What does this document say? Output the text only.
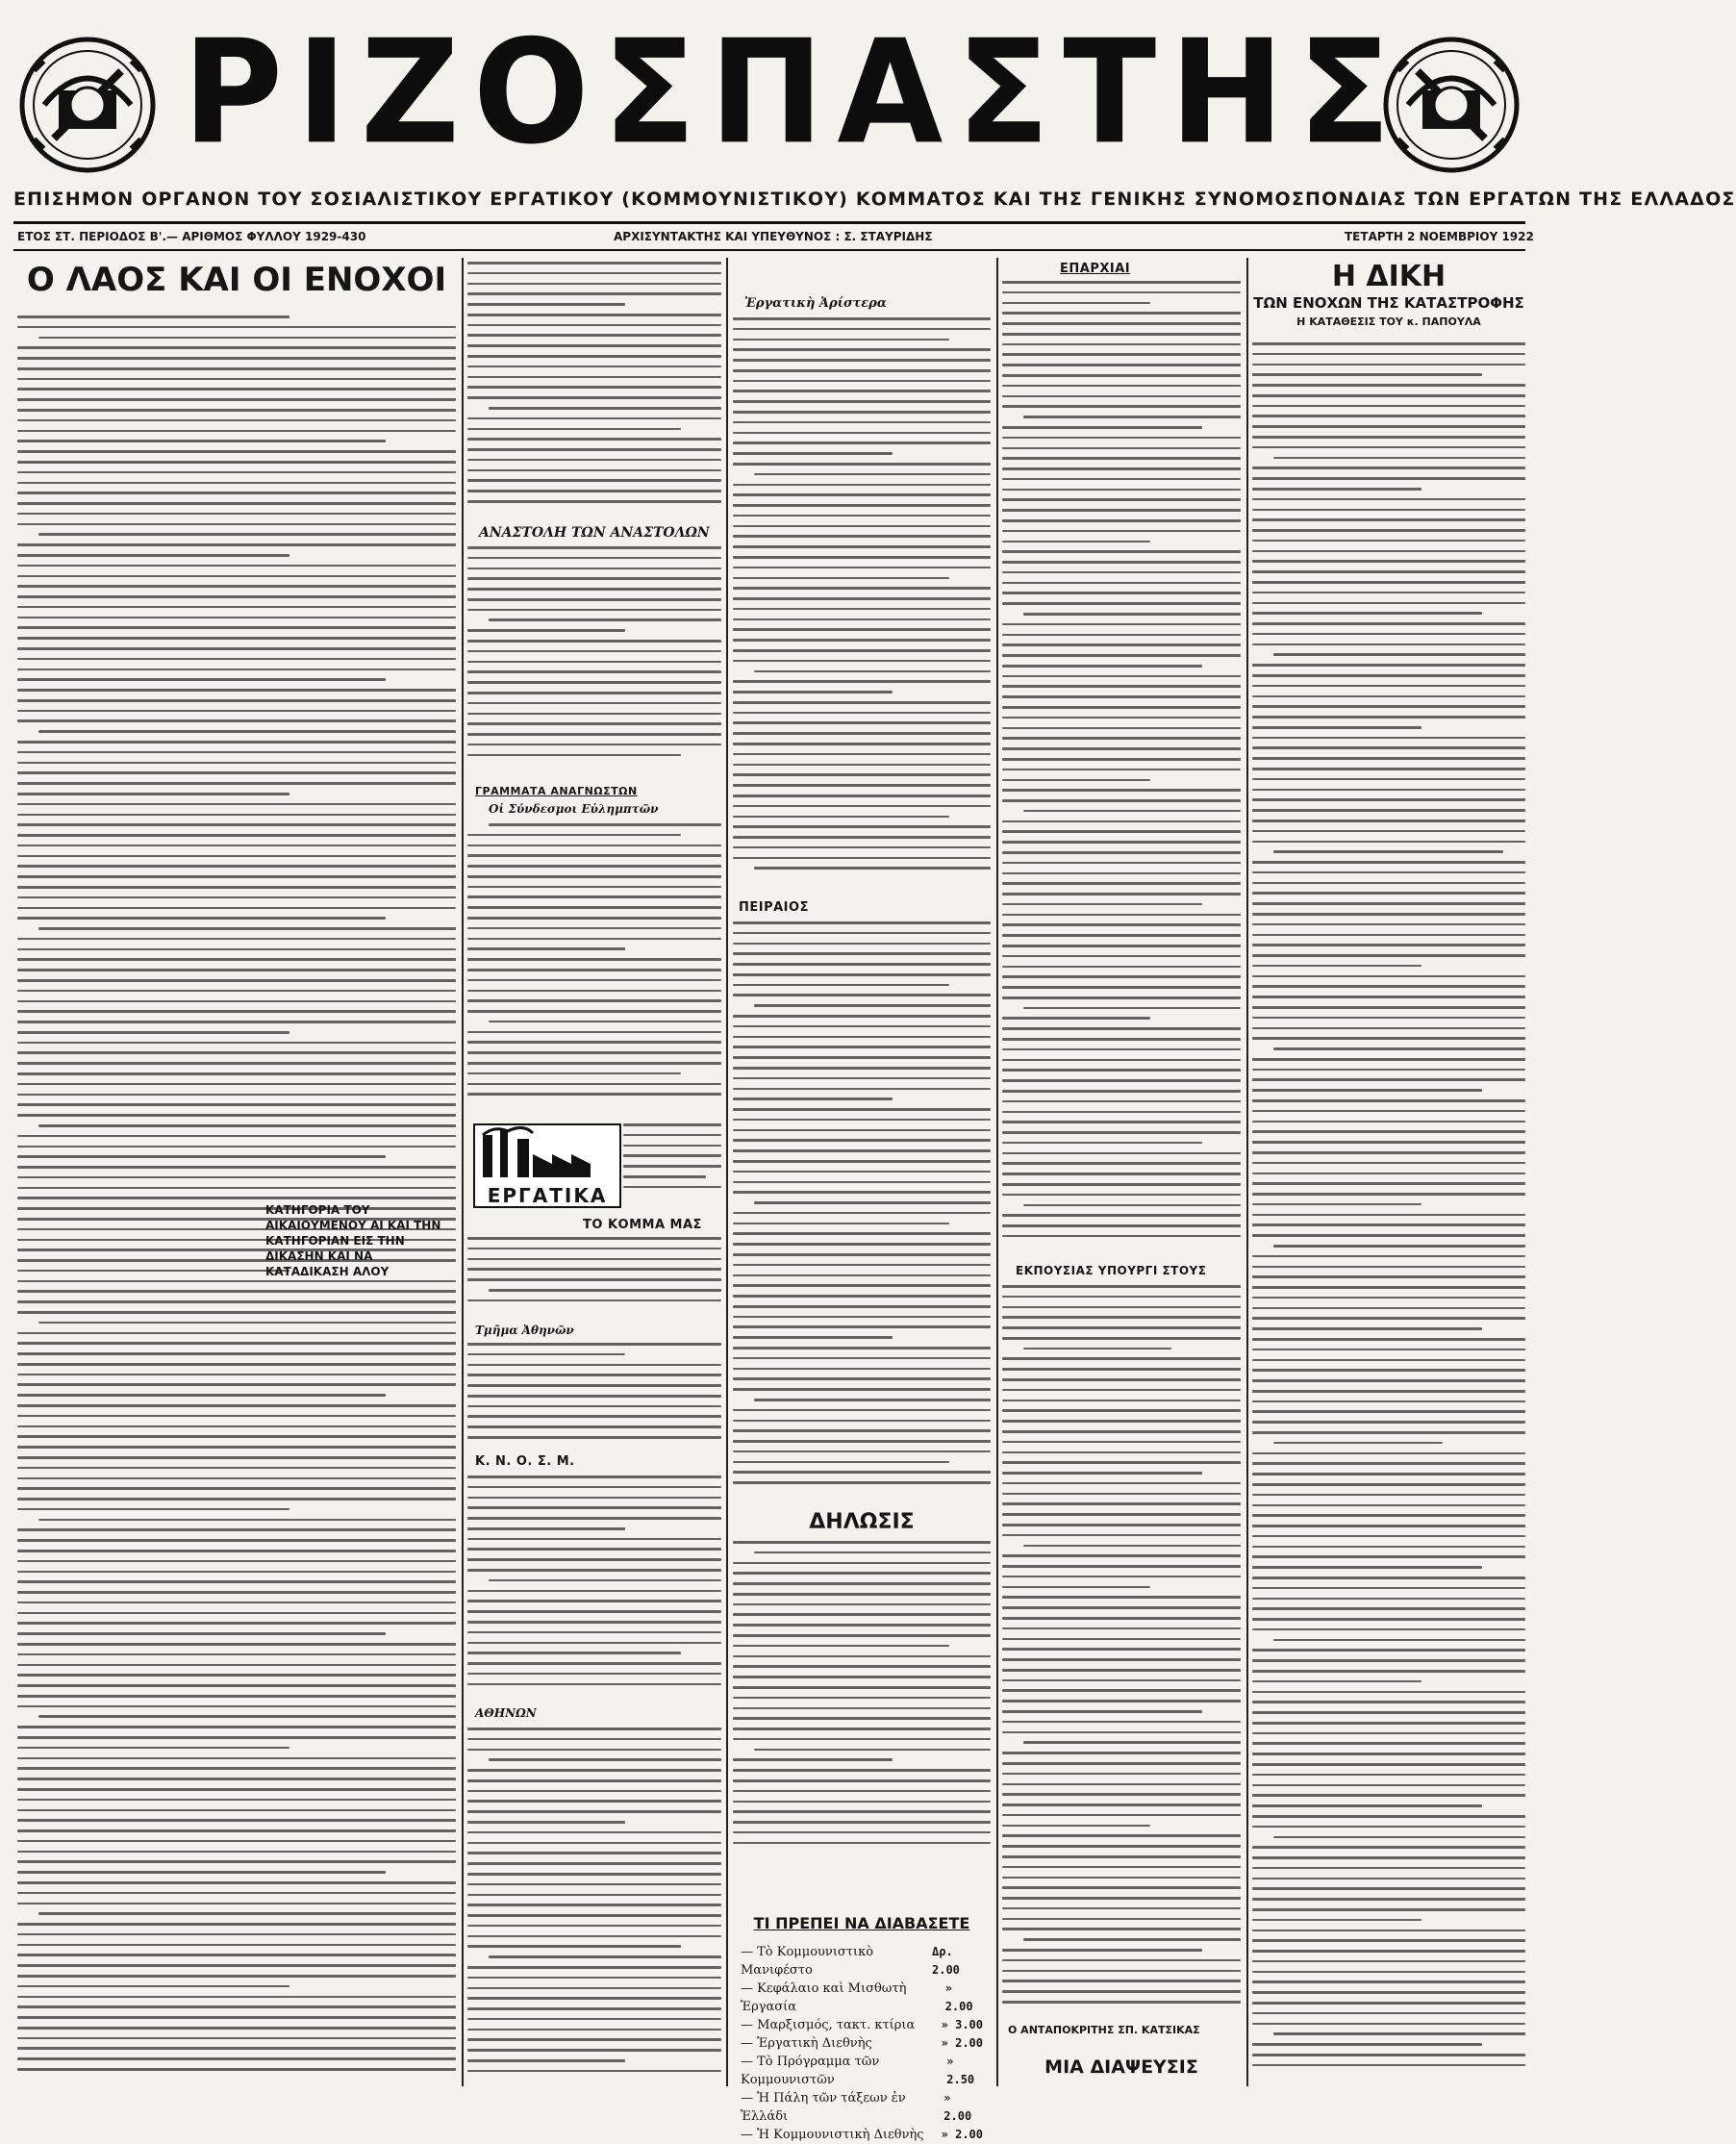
ΡΙΖΟΣΠΑΣΤΗΣ
ΕΠΙΣΗΜΟΝ ΟΡΓΑΝΟΝ ΤΟΥ ΣΟΣΙΑΛΙΣΤΙΚΟΥ ΕΡΓΑΤΙΚΟΥ (ΚΟΜΜΟΥΝΙΣΤΙΚΟΥ) ΚΟΜΜΑΤΟΣ ΚΑΙ ΤΗΣ ΓΕΝΙΚΗΣ ΣΥΝΟΜΟΣΠΟΝΔΙΑΣ ΤΩΝ ΕΡΓΑΤΩΝ ΤΗΣ ΕΛΛΑΔΟΣ
ΕΤΟΣ ΣΤ. ΠΕΡΙΟΔΟΣ Β'.— ΑΡΙΘΜΟΣ ΦΥΛΛΟΥ 1929-430	ΑΡΧΙΣΥΝΤΑΚΤΗΣ ΚΑΙ ΥΠΕΥΘΥΝΟΣ : Σ. ΣΤΑΥΡΙΔΗΣ	ΤΕΤΑΡΤΗ 2 ΝΟΕΜΒΡΙΟΥ 1922
Ο ΛΑΟΣ ΚΑΙ ΟΙ ΕΝΟΧΟΙ
ΑΝΑΣΤΟΛΗ ΤΩΝ ΑΝΑΣΤΟΛΩΝ
ΓΡΑΜΜΑΤΑ ΑΝΑΓΝΩΣΤΩΝ
Οἱ Σύνδεσμοι Εὐλημπτῶν
ΕΡΓΑΤΙΚΑ
ΤΟ ΚΟΜΜΑ ΜΑΣ
Τμῆμα Ἀθηνῶν
Κ. Ν. Ο. Σ. Μ.
ΑΘΗΝΩΝ
ΚΑΤΗΓΟΡΙΑ ΤΟΥ ΑΙΚΑΙΟΥΜΕΝΟΥ ΑΙ ΚΑΙ ΤΗΝ ΚΑΤΗΓΟΡΙΑΝ ΕΙΣ ΤΗΝ ΔΙΚΑΣΗΝ ΚΑΙ ΝΑ ΚΑΤΑΔΙΚΑΣΗ ΑΛΟΥ
Ἐργατικὴ Ἀρίστερα
ΠΕΙΡΑΙΟΣ
ΔΗΛΩΣΙΣ
ΤΙ ΠΡΕΠΕΙ ΝΑ ΔΙΑΒΑΣΕΤΕ
— Τὸ Κομμουνιστικὸ Μανιφέστο
Δρ. 2.00
— Κεφάλαιο καὶ Μισθωτὴ Ἐργασία
» 2.00
— Μαρξισμός, τακτ. κτίρια » 3.00
— Ἐργατικὴ Διεθνὴς	» 2.00
— Τὸ Πρόγραμμα τῶν Κομμουνιστῶν
» 2.50
— Ἡ Πάλη τῶν τάξεων ἐν Ἑλλάδι
» 2.00
— Ἡ Κομμουνιστικὴ Διεθνὴς » 2.00
ΕΠΑΡΧΙΑΙ
ΕΚΠΟΥΣΙΑΣ ΥΠΟΥΡΓΙ ΣΤΟΥΣ
Ο ΑΝΤΑΠΟΚΡΙΤΗΣ ΣΠ. ΚΑΤΣΙΚΑΣ
ΜΙΑ ΔΙΑΨΕΥΣΙΣ
Η ΔΙΚΗ
ΤΩΝ ΕΝΟΧΩΝ ΤΗΣ ΚΑΤΑΣΤΡΟΦΗΣ
Η ΚΑΤΑΘΕΣΙΣ ΤΟΥ κ. ΠΑΠΟΥΛΑ
